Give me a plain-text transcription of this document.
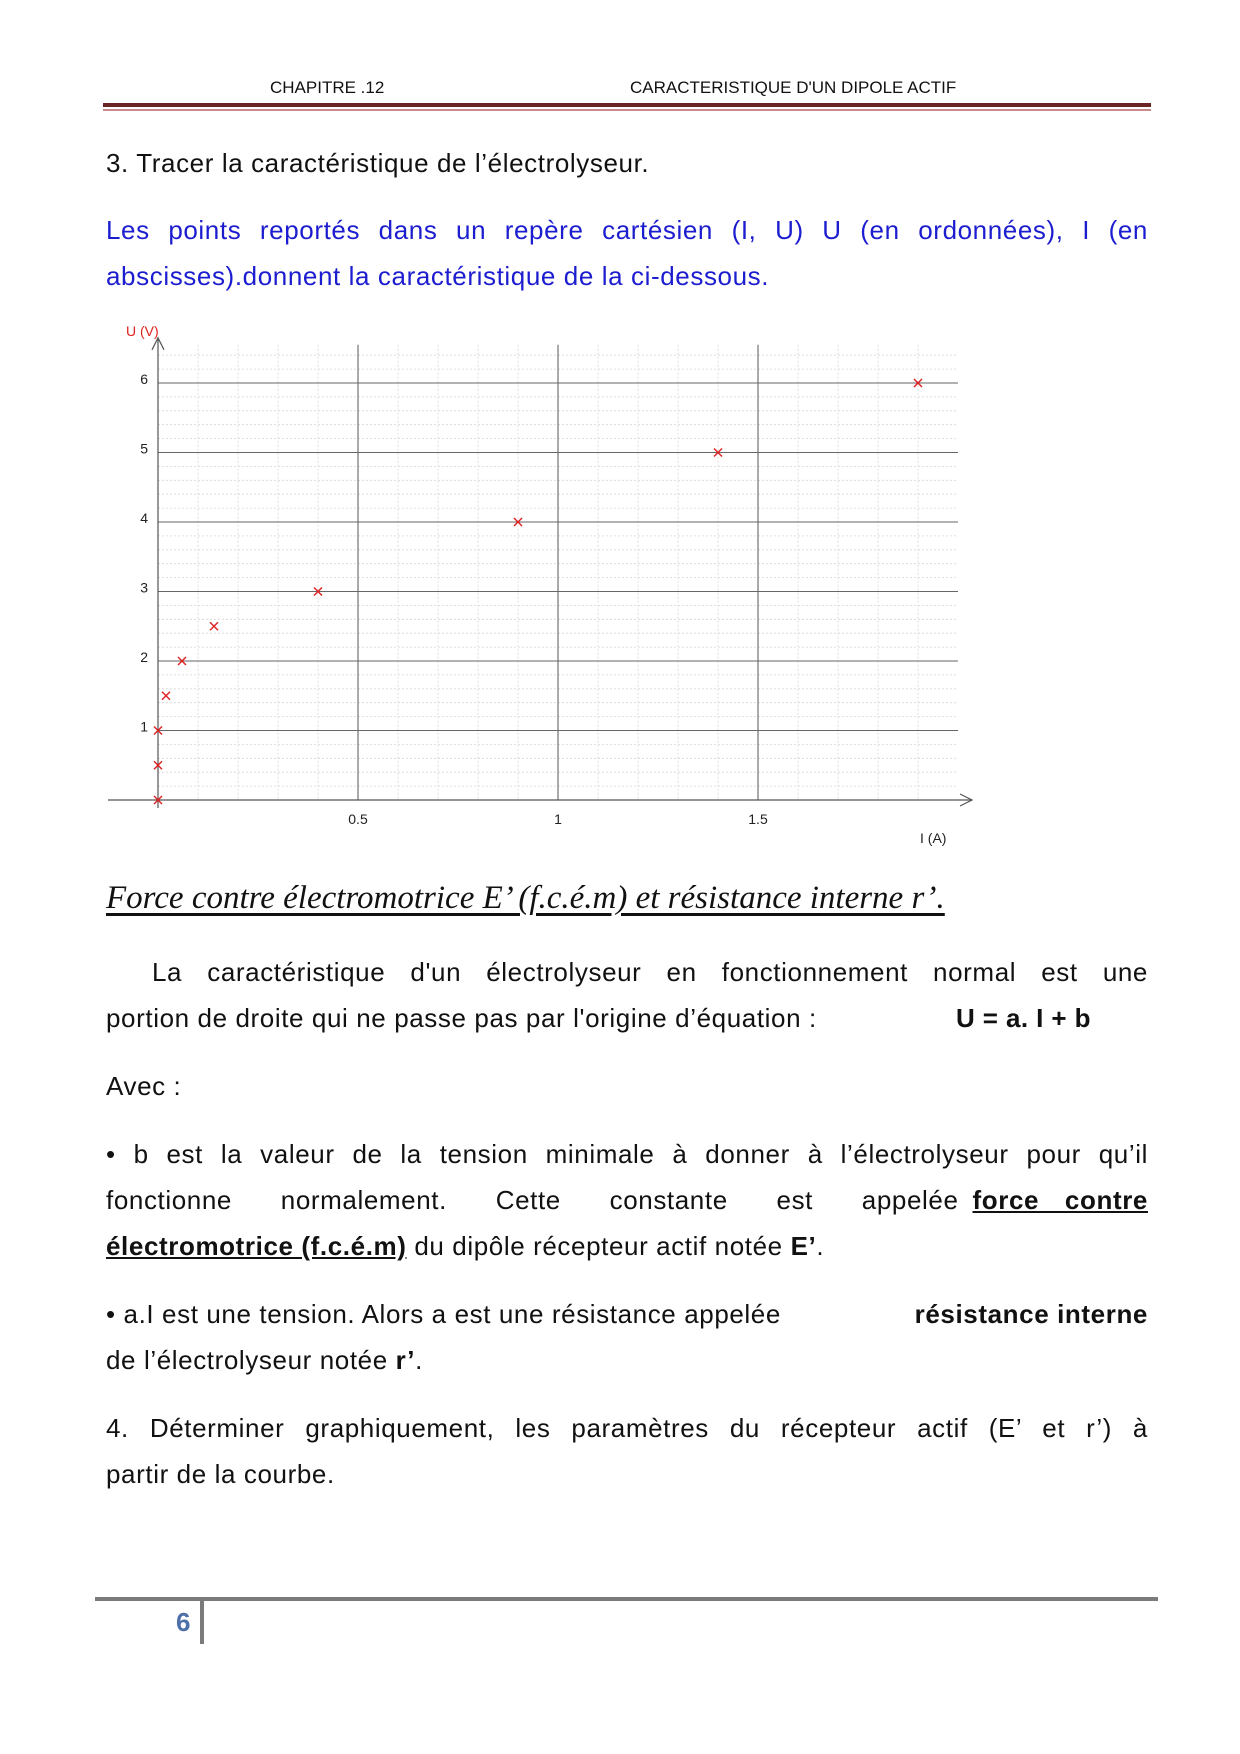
CHAPITRE .12	CARACTERISTIQUE D'UN DIPOLE ACTIF
3. Tracer la caractéristique de l’électrolyseur.
Les points reportés dans un repère cartésien (I, U) U (en ordonnées), I (en
abscisses).donnent la caractéristique de la ci-dessous.
0.5	1	1.5
1
2
3
4
5
6
U (V)
I (A)
Force contre électromotrice E’ (f.c.é.m) et résistance interne r’.
La caractéristique d'un électrolyseur en fonctionnement normal est une
portion de droite qui ne passe pas par l'origine d’équation :	U = a. I + b
Avec :
• b est la valeur de la tension minimale à donner à l’électrolyseur pour qu’il
fonctionne normalement. Cette constante est appelée force contre
électromotrice (f.c.é.m) du dipôle récepteur actif notée E’.
• a.I est une tension. Alors a est une résistance appelée	résistance interne
de l’électrolyseur notée r’.
4. Déterminer graphiquement, les paramètres du récepteur actif (E’ et r’) à
partir de la courbe.
6
